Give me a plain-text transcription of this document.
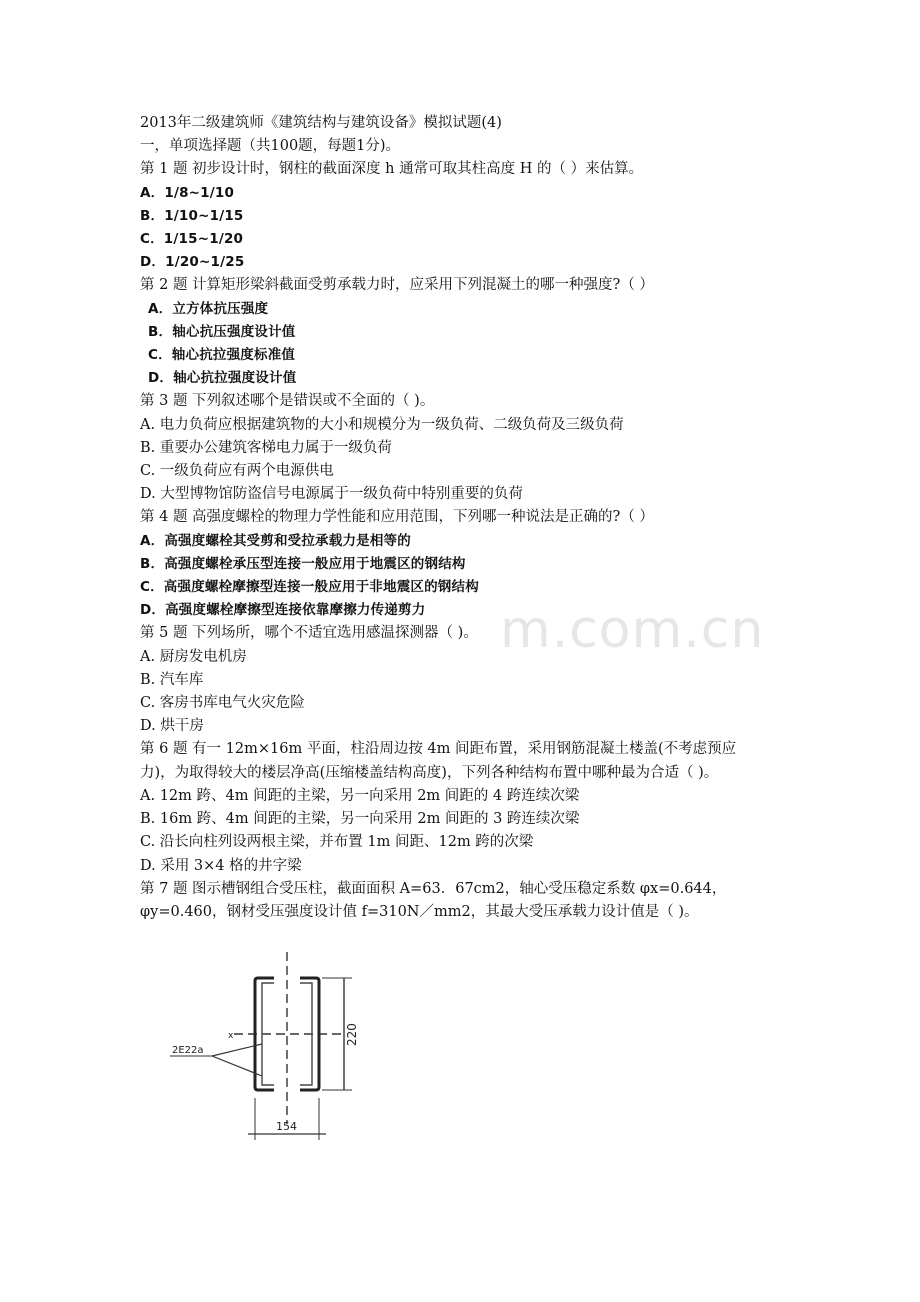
m.com.cn
2013年二级建筑师《建筑结构与建筑设备》模拟试题(4)
一，单项选择题（共100题，每题1分)。
第 1 题 初步设计时，钢柱的截面深度 h 通常可取其柱高度 H 的（ ）来估算。
A．1/8~1/10
B．1/10~1/15
C．1/15~1/20
D．1/20~1/25
第 2 题 计算矩形梁斜截面受剪承载力时，应采用下列混凝土的哪一种强度?（ ）
A．立方体抗压强度
B．轴心抗压强度设计值
C．轴心抗拉强度标准值
D．轴心抗拉强度设计值
第 3 题 下列叙述哪个是错误或不全面的（ )。
A. 电力负荷应根据建筑物的大小和规模分为一级负荷、二级负荷及三级负荷
B. 重要办公建筑客梯电力属于一级负荷
C. 一级负荷应有两个电源供电
D. 大型博物馆防盗信号电源属于一级负荷中特别重要的负荷
第 4 题 高强度螺栓的物理力学性能和应用范围，下列哪一种说法是正确的?（ ）
A．高强度螺栓其受剪和受拉承载力是相等的
B．高强度螺栓承压型连接一般应用于地震区的钢结构
C．高强度螺栓摩擦型连接一般应用于非地震区的钢结构
D．高强度螺栓摩擦型连接依靠摩擦力传递剪力
第 5 题 下列场所，哪个不适宜选用感温探测器（ )。
A. 厨房发电机房
B. 汽车库
C. 客房书库电气火灾危险
D. 烘干房
第 6 题 有一 12m×16m 平面，柱沿周边按 4m 间距布置，采用钢筋混凝土楼盖(不考虑预应
力)，为取得较大的楼层净高(压缩楼盖结构高度)，下列各种结构布置中哪种最为合适（ )。
A. 12m 跨、4m 间距的主梁，另一向采用 2m 间距的 4 跨连续次梁
B. 16m 跨、4m 间距的主梁，另一向采用 2m 间距的 3 跨连续次梁
C. 沿长向柱列设两根主梁，并布置 1m 间距、12m 跨的次梁
D. 采用 3×4 格的井字梁
第 7 题 图示槽钢组合受压柱，截面面积 A=63．67cm2，轴心受压稳定系数 φx=0.644，
φy=0.460，钢材受压强度设计值 f=310N／mm2，其最大受压承载力设计值是（ )。
220
154
2E22a
x
